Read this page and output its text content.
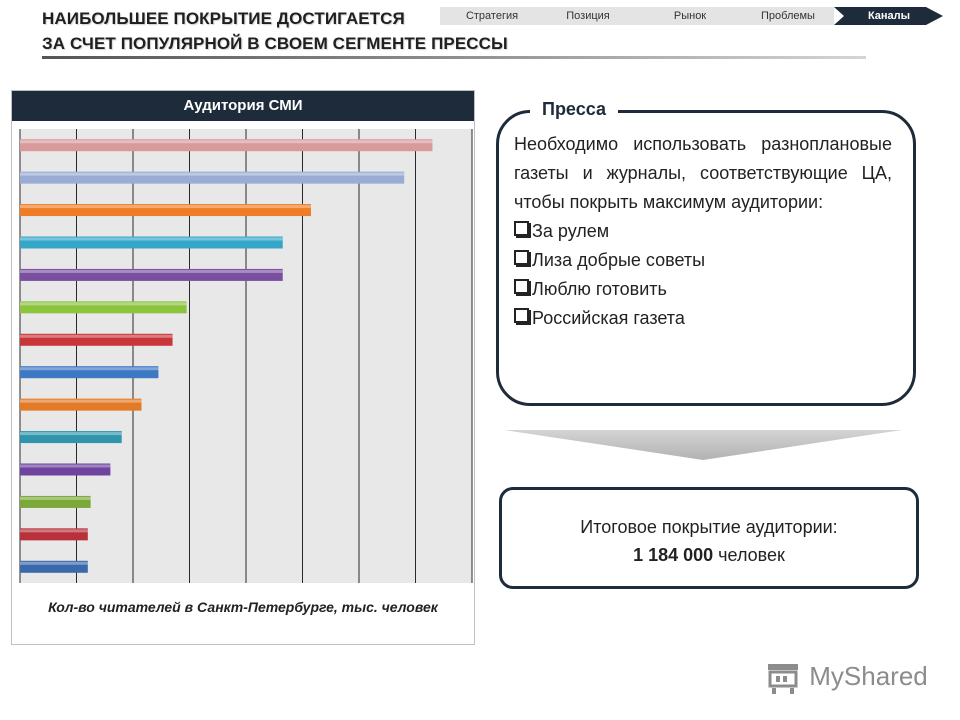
НАИБОЛЬШЕЕ ПОКРЫТИЕ ДОСТИГАЕТСЯ
ЗА СЧЕТ ПОПУЛЯРНОЙ В СВОЕМ СЕГМЕНТЕ ПРЕССЫ
Стратегия	Позиция	Рынок	Проблемы	Каналы
Аудитория СМИ
Кол-во читателей в Санкт-Петербурге, тыс. человек
Пресса
Необходимо использовать разноплановые газеты и журналы, соответствующие ЦА, чтобы покрыть максимум аудитории:
За рулем
Лиза добрые советы
Люблю готовить
Российская газета
Итоговое покрытие аудитории:
1 184 000 человек
MyShared
